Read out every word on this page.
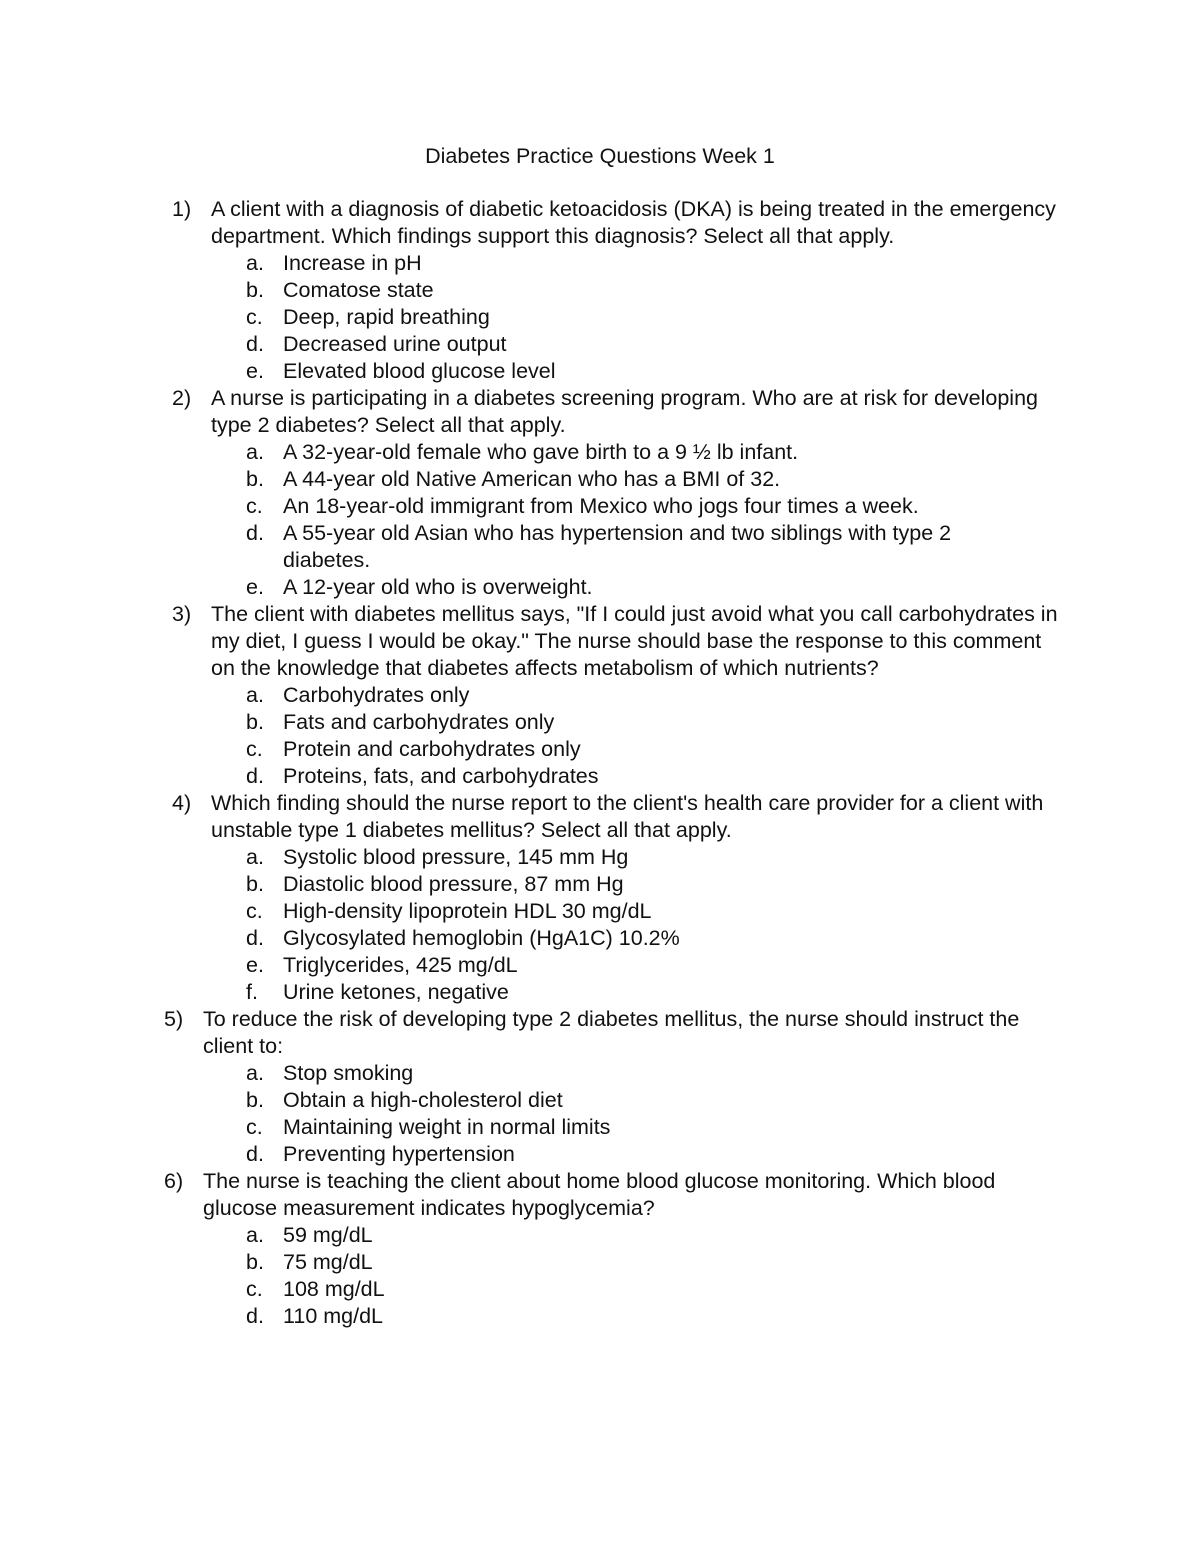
Diabetes Practice Questions Week 1
1) A client with a diagnosis of diabetic ketoacidosis (DKA) is being treated in the emergency department. Which findings support this diagnosis? Select all that apply.
a. Increase in pH
b. Comatose state
c. Deep, rapid breathing
d. Decreased urine output
e. Elevated blood glucose level
2) A nurse is participating in a diabetes screening program. Who are at risk for developing type 2 diabetes? Select all that apply.
a. A 32-year-old female who gave birth to a 9 ½ lb infant.
b. A 44-year old Native American who has a BMI of 32.
c. An 18-year-old immigrant from Mexico who jogs four times a week.
d. A 55-year old Asian who has hypertension and two siblings with type 2 diabetes.
e. A 12-year old who is overweight.
3) The client with diabetes mellitus says, "If I could just avoid what you call carbohydrates in my diet, I guess I would be okay." The nurse should base the response to this comment on the knowledge that diabetes affects metabolism of which nutrients?
a. Carbohydrates only
b. Fats and carbohydrates only
c. Protein and carbohydrates only
d. Proteins, fats, and carbohydrates
4) Which finding should the nurse report to the client's health care provider for a client with unstable type 1 diabetes mellitus? Select all that apply.
a. Systolic blood pressure, 145 mm Hg
b. Diastolic blood pressure, 87 mm Hg
c. High-density lipoprotein HDL 30 mg/dL
d. Glycosylated hemoglobin (HgA1C) 10.2%
e. Triglycerides, 425 mg/dL
f. Urine ketones, negative
5) To reduce the risk of developing type 2 diabetes mellitus, the nurse should instruct the client to:
a. Stop smoking
b. Obtain a high-cholesterol diet
c. Maintaining weight in normal limits
d. Preventing hypertension
6) The nurse is teaching the client about home blood glucose monitoring. Which blood glucose measurement indicates hypoglycemia?
a. 59 mg/dL
b. 75 mg/dL
c. 108 mg/dL
d. 110 mg/dL
